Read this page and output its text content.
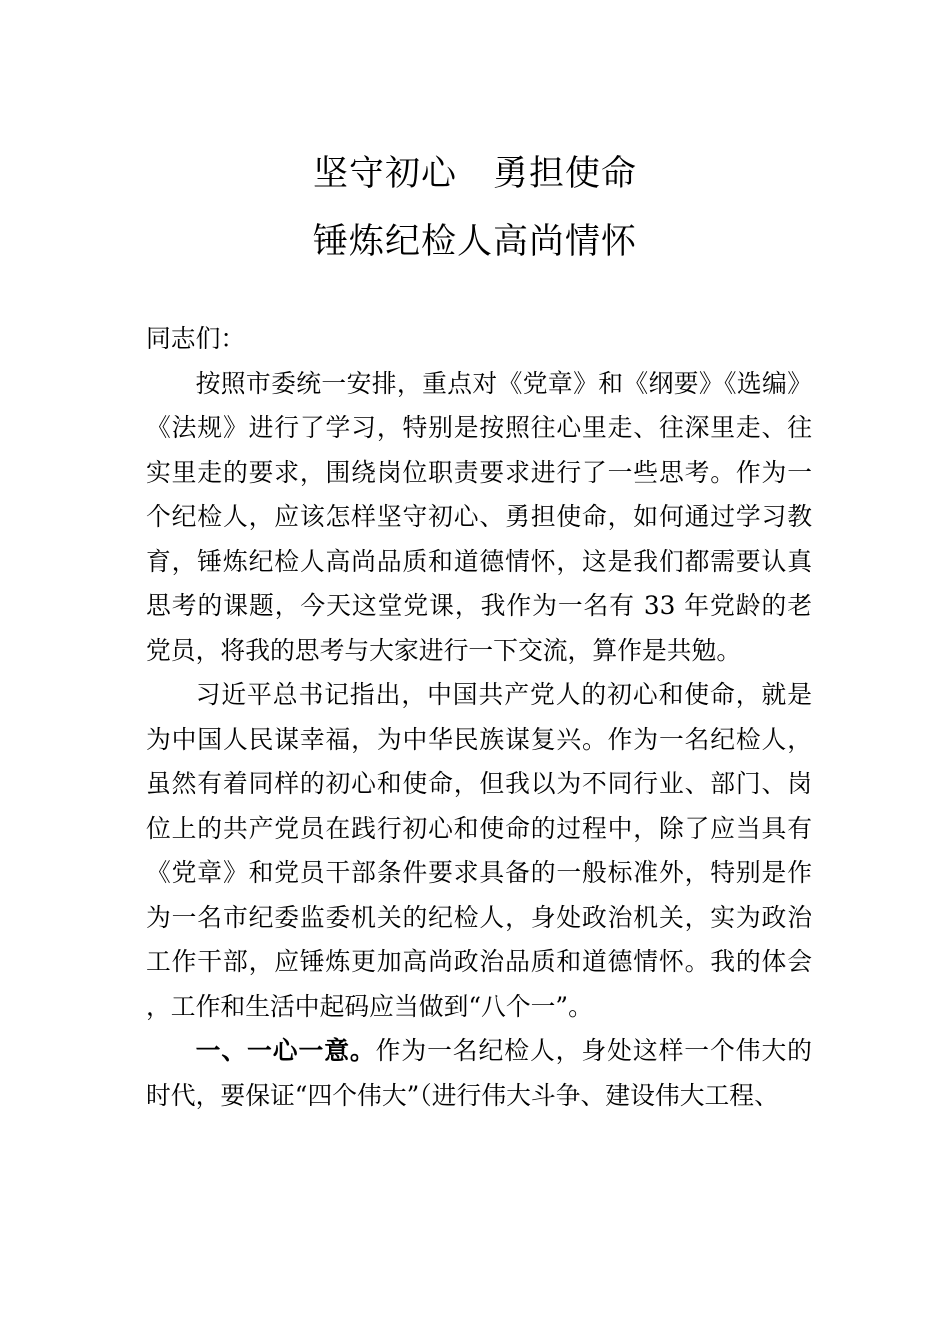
坚守初心　勇担使命
锤炼纪检人高尚情怀

同志们：

按照市委统一安排，重点对《党章》和《纲要》《选编》《法规》进行了学习，特别是按照往心里走、往深里走、往实里走的要求，围绕岗位职责要求进行了一些思考。作为一个纪检人，应该怎样坚守初心、勇担使命，如何通过学习教育，锤炼纪检人高尚品质和道德情怀，这是我们都需要认真思考的课题，今天这堂党课，我作为一名有 33 年党龄的老党员，将我的思考与大家进行一下交流，算作是共勉。

习近平总书记指出，中国共产党人的初心和使命，就是为中国人民谋幸福，为中华民族谋复兴。作为一名纪检人，虽然有着同样的初心和使命，但我以为不同行业、部门、岗位上的共产党员在践行初心和使命的过程中，除了应当具有《党章》和党员干部条件要求具备的一般标准外，特别是作为一名市纪委监委机关的纪检人，身处政治机关，实为政治工作干部，应锤炼更加高尚政治品质和道德情怀。我的体会，工作和生活中起码应当做到“八个一”。

一、一心一意。作为一名纪检人，身处这样一个伟大的时代，要保证“四个伟大”（进行伟大斗争、建设伟大工程、
